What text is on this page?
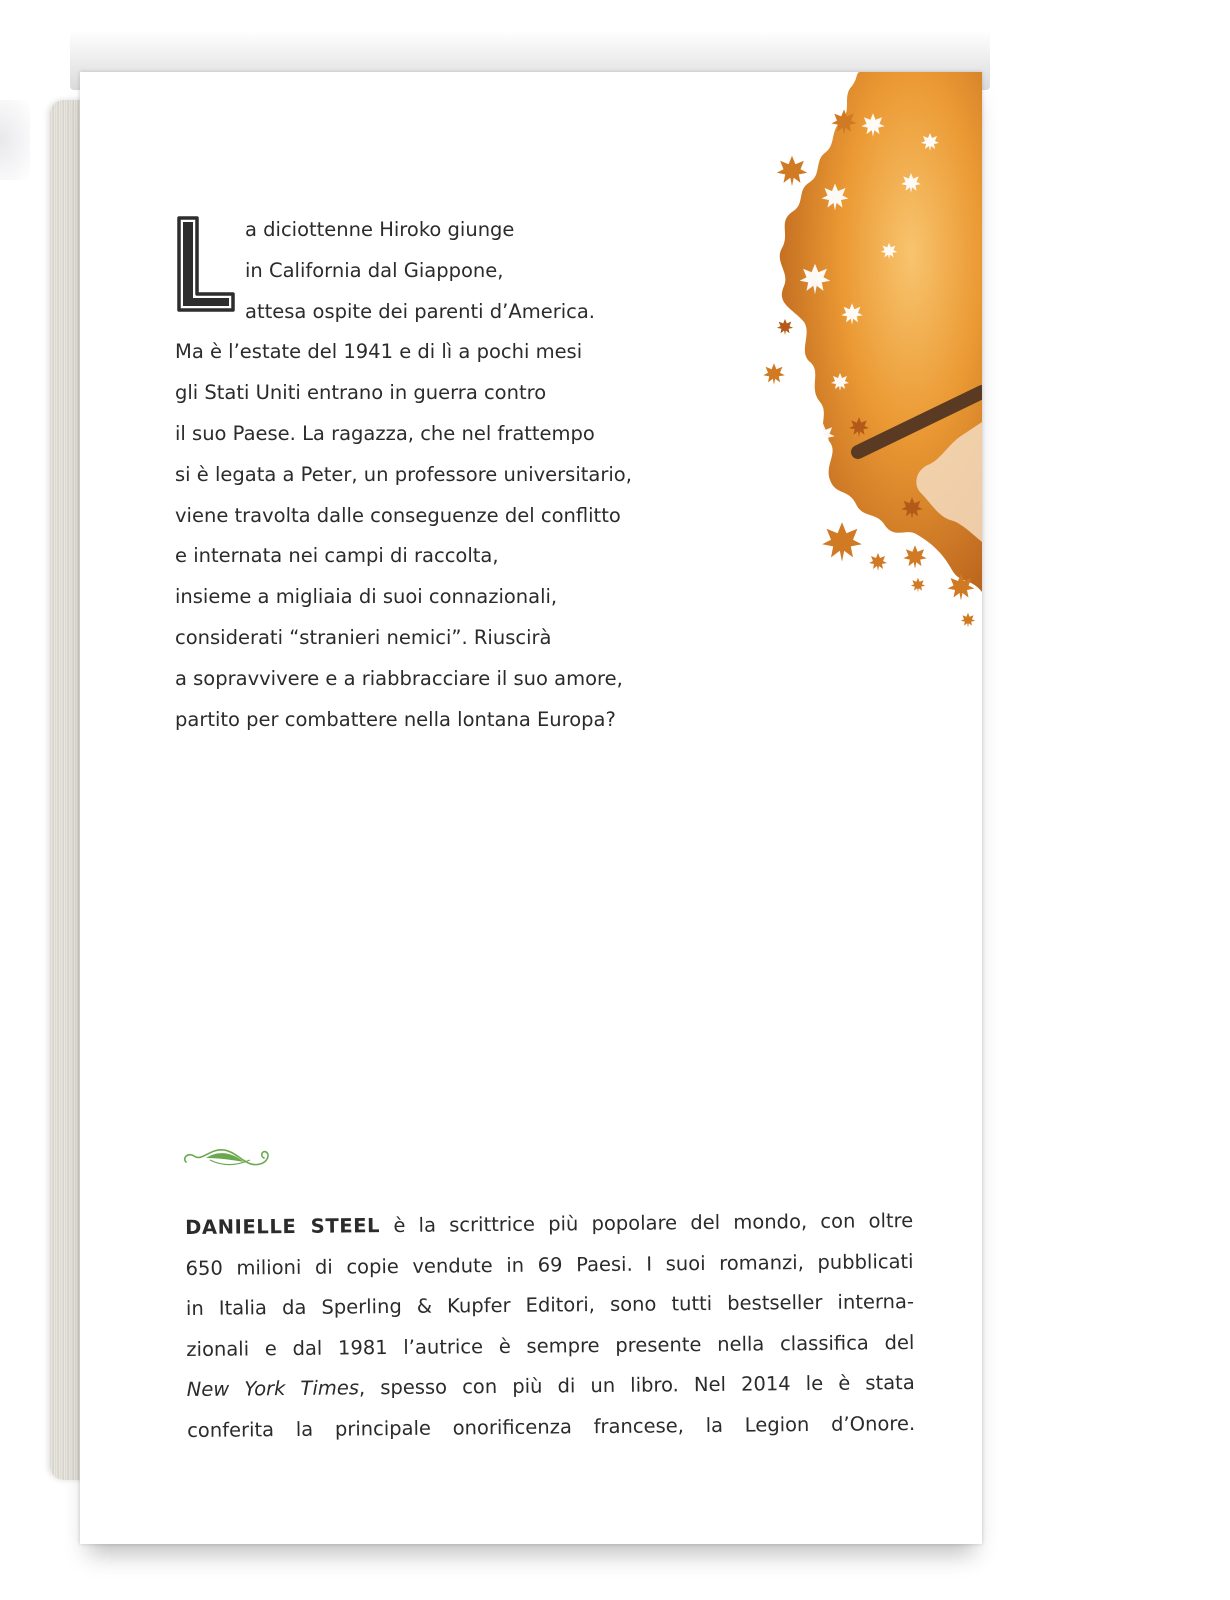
L
a diciottenne Hiroko giunge
in California dal Giappone,
attesa ospite dei parenti d’America.
Ma è l’estate del 1941 e di lì a pochi mesi
gli Stati Uniti entrano in guerra contro
il suo Paese. La ragazza, che nel frattempo
si è legata a Peter, un professore universitario,
viene travolta dalle conseguenze del conflitto
e internata nei campi di raccolta,
insieme a migliaia di suoi connazionali,
considerati “stranieri nemici”. Riuscirà
a sopravvivere e a riabbracciare il suo amore,
partito per combattere nella lontana Europa?
DANIELLE STEEL è la scrittrice più popolare del mondo, con oltre
650 milioni di copie vendute in 69 Paesi. I suoi romanzi, pubblicati
in Italia da Sperling & Kupfer Editori, sono tutti bestseller interna-
zionali e dal 1981 l’autrice è sempre presente nella classifica del
New York Times, spesso con più di un libro. Nel 2014 le è stata
conferita la principale onorificenza francese, la Legion d’Onore.
